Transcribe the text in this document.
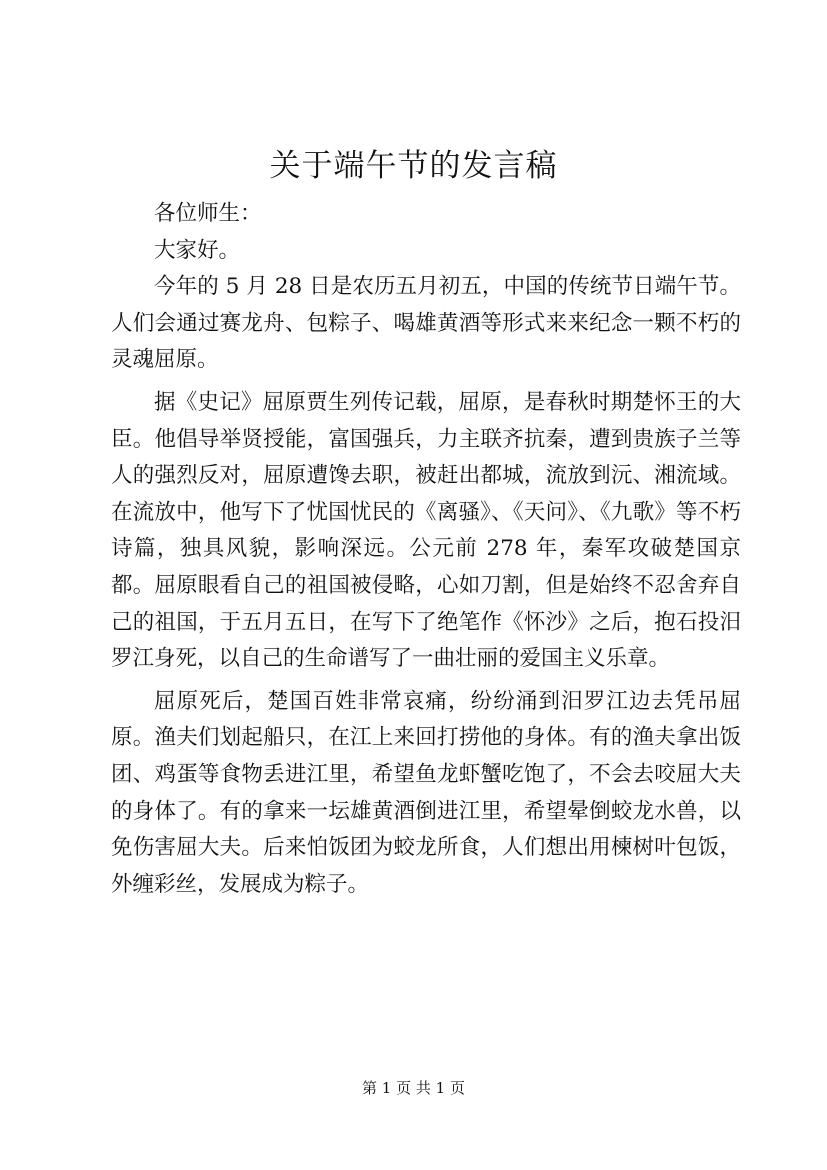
关于端午节的发言稿

各位师生：

大家好。

今年的 5 月 28 日是农历五月初五，中国的传统节日端午节。人们会通过赛龙舟、包粽子、喝雄黄酒等形式来来纪念一颗不朽的灵魂屈原。

据《史记》屈原贾生列传记载，屈原，是春秋时期楚怀王的大臣。他倡导举贤授能，富国强兵，力主联齐抗秦，遭到贵族子兰等人的强烈反对，屈原遭馋去职，被赶出都城，流放到沅、湘流域。在流放中，他写下了忧国忧民的《离骚》、《天问》、《九歌》等不朽诗篇，独具风貌，影响深远。公元前 278 年，秦军攻破楚国京都。屈原眼看自己的祖国被侵略，心如刀割，但是始终不忍舍弃自己的祖国，于五月五日，在写下了绝笔作《怀沙》之后，抱石投汨罗江身死，以自己的生命谱写了一曲壮丽的爱国主义乐章。

屈原死后，楚国百姓非常哀痛，纷纷涌到汨罗江边去凭吊屈原。渔夫们划起船只，在江上来回打捞他的身体。有的渔夫拿出饭团、鸡蛋等食物丢进江里，希望鱼龙虾蟹吃饱了，不会去咬屈大夫的身体了。有的拿来一坛雄黄酒倒进江里，希望晕倒蛟龙水兽，以免伤害屈大夫。后来怕饭团为蛟龙所食，人们想出用楝树叶包饭，外缠彩丝，发展成为粽子。

第 1 页 共 1 页
